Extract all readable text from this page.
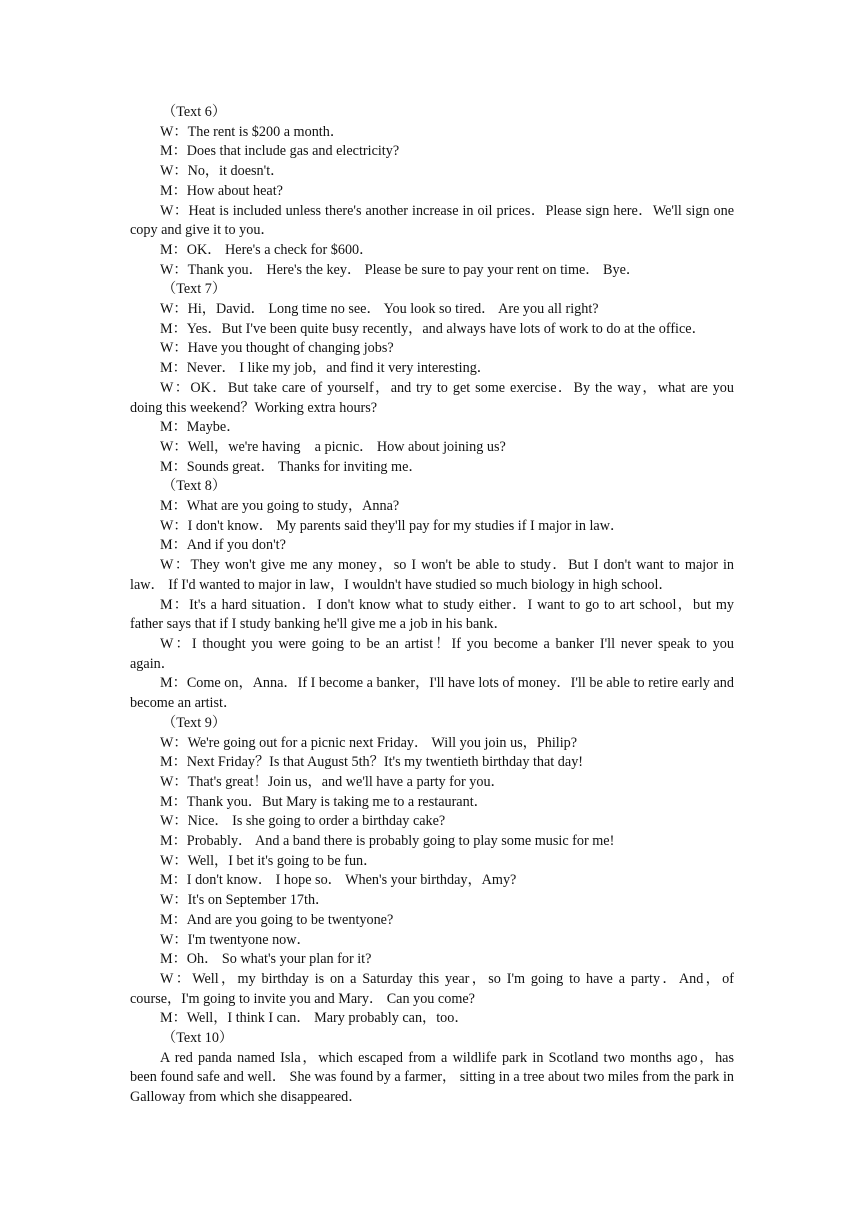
（Text 6）

W：The rent is $200 a month．

M：Does that include gas and electricity?

W：No，it doesn't．

M：How about heat?

W：Heat is included unless there's another increase in oil prices．Please sign here．We'll sign one copy and give it to you．

M：OK． Here's a check for $600．

W：Thank you． Here's the key． Please be sure to pay your rent on time． Bye．

（Text 7）

W：Hi，David． Long time no see． You look so tired． Are you all right?

M：Yes．But I've been quite busy recently，and always have lots of work to do at the office．

W：Have you thought of changing jobs?

M：Never． I like my job，and find it very interesting．

W：OK．But take care of yourself，and try to get some exercise．By the way，what are you doing this weekend？Working extra hours?

M：Maybe．

W：Well，we're having　a picnic． How about joining us?

M：Sounds great． Thanks for inviting me．

（Text 8）

M：What are you going to study，Anna?

W：I don't know． My parents said they'll pay for my studies if I major in law．

M：And if you don't?

W：They won't give me any money，so I won't be able to study．But I don't want to major in law． If I'd wanted to major in law，I wouldn't have studied so much biology in high school．

M：It's a hard situation．I don't know what to study either．I want to go to art school，but my father says that if I study banking he'll give me a job in his bank．

W：I thought you were going to be an artist！If you become a banker I'll never speak to you again．

M：Come on，Anna．If I become a banker，I'll have lots of money．I'll be able to retire early and become an artist．

（Text 9）

W：We're going out for a picnic next Friday． Will you join us，Philip?

M：Next Friday？Is that August 5th？It's my twentieth birthday that day!

W：That's great！Join us，and we'll have a party for you．

M：Thank you．But Mary is taking me to a restaurant．

W：Nice． Is she going to order a birthday cake?

M：Probably． And a band there is probably going to play some music for me!

W：Well，I bet it's going to be fun．

M：I don't know． I hope so． When's your birthday，Amy?

W：It's on September 17th．

M：And are you going to be twentyone?

W：I'm twentyone now．

M：Oh． So what's your plan for it?

W：Well，my birthday is on a Saturday this year，so I'm going to have a party．And，of course，I'm going to invite you and Mary． Can you come?

M：Well，I think I can． Mary probably can，too．

（Text 10）

A red panda named Isla，which escaped from a wildlife park in Scotland two months ago，has been found safe and well． She was found by a farmer， sitting in a tree about two miles from the park in Galloway from which she disappeared．
